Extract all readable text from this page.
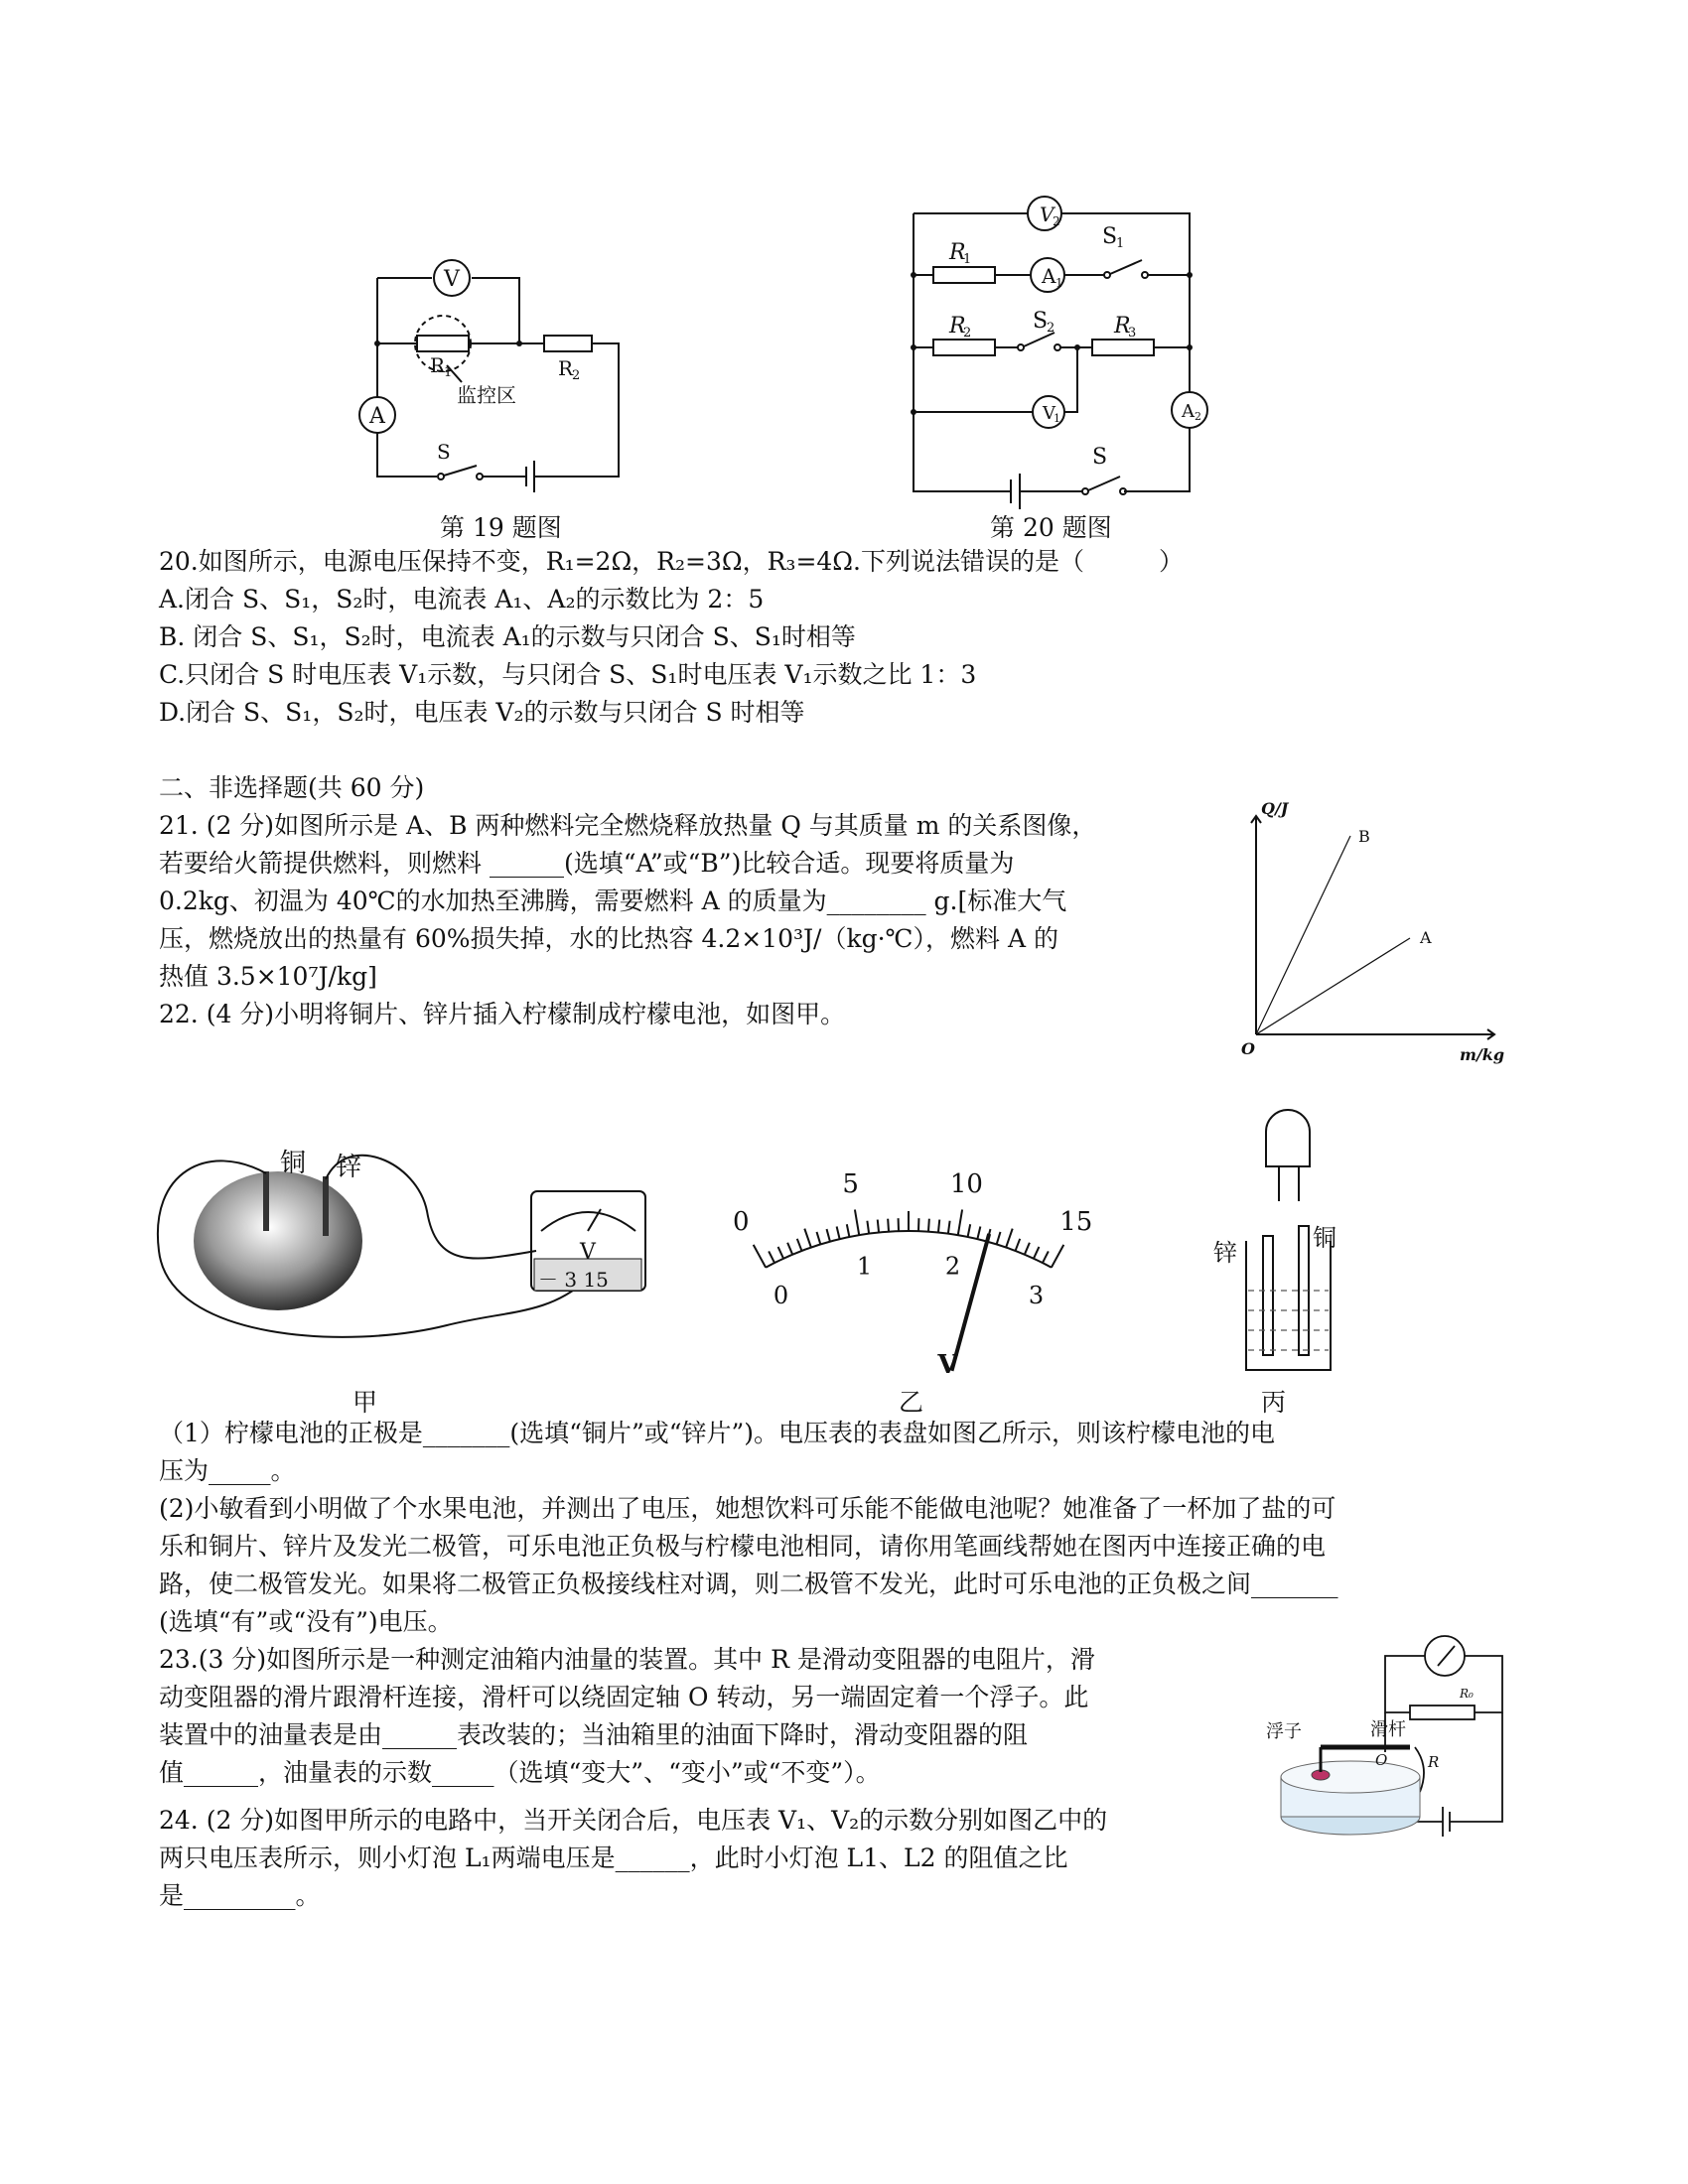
V
A
R
1	R
2
S
监控区
第 19 题图
V
2
R
1
A 1
S
1
R
2	S
2	R
3
V
1	A 2
S
第 20 题图
20.如图所示，电源电压保持不变，R₁=2Ω，R₂=3Ω，R₃=4Ω.下列说法错误的是（　　　）
A.闭合 S、S₁，S₂时，电流表 A₁、A₂的示数比为 2：5
B. 闭合 S、S₁，S₂时，电流表 A₁的示数与只闭合 S、S₁时相等
C.只闭合 S 时电压表 V₁示数，与只闭合 S、S₁时电压表 V₁示数之比 1：3
D.闭合 S、S₁，S₂时，电压表 V₂的示数与只闭合 S 时相等
二、非选择题(共 60 分)
21. (2 分)如图所示是 A、B 两种燃料完全燃烧释放热量 Q 与其质量 m 的关系图像，
若要给火箭提供燃料，则燃料 ______(选填“A”或“B”)比较合适。现要将质量为
0.2kg、初温为 40℃的水加热至沸腾，需要燃料 A 的质量为________ g.[标准大气
压，燃烧放出的热量有 60%损失掉，水的比热容 4.2×10³J/（kg·℃），燃料 A 的
热值 3.5×10⁷J/kg]
22. (4 分)小明将铜片、锌片插入柠檬制成柠檬电池，如图甲。
Q/J
m/kg
O
B
A
铜 锌
V
－ 3 15
甲
0
5	10
15
0
1	2
3
V
乙
锌
铜
丙
（1）柠檬电池的正极是_______(选填“铜片”或“锌片”)。电压表的表盘如图乙所示，则该柠檬电池的电
压为_____。
(2)小敏看到小明做了个水果电池，并测出了电压，她想饮料可乐能不能做电池呢？她准备了一杯加了盐的可
乐和铜片、锌片及发光二极管，可乐电池正负极与柠檬电池相同，请你用笔画线帮她在图丙中连接正确的电
路，使二极管发光。如果将二极管正负极接线柱对调，则二极管不发光，此时可乐电池的正负极之间_______
(选填“有”或“没有”)电压。
23.(3 分)如图所示是一种测定油箱内油量的装置。其中 R 是滑动变阻器的电阻片，滑
动变阻器的滑片跟滑杆连接，滑杆可以绕固定轴 O 转动，另一端固定着一个浮子。此
装置中的油量表是由______表改装的；当油箱里的油面下降时，滑动变阻器的阻
值______，油量表的示数_____（选填“变大”、“变小”或“不变”）。
R₀
滑杆
浮子
O	R
24. (2 分)如图甲所示的电路中，当开关闭合后，电压表 V₁、V₂的示数分别如图乙中的
两只电压表所示，则小灯泡 L₁两端电压是______，此时小灯泡 L1、L2 的阻值之比
是_________。
